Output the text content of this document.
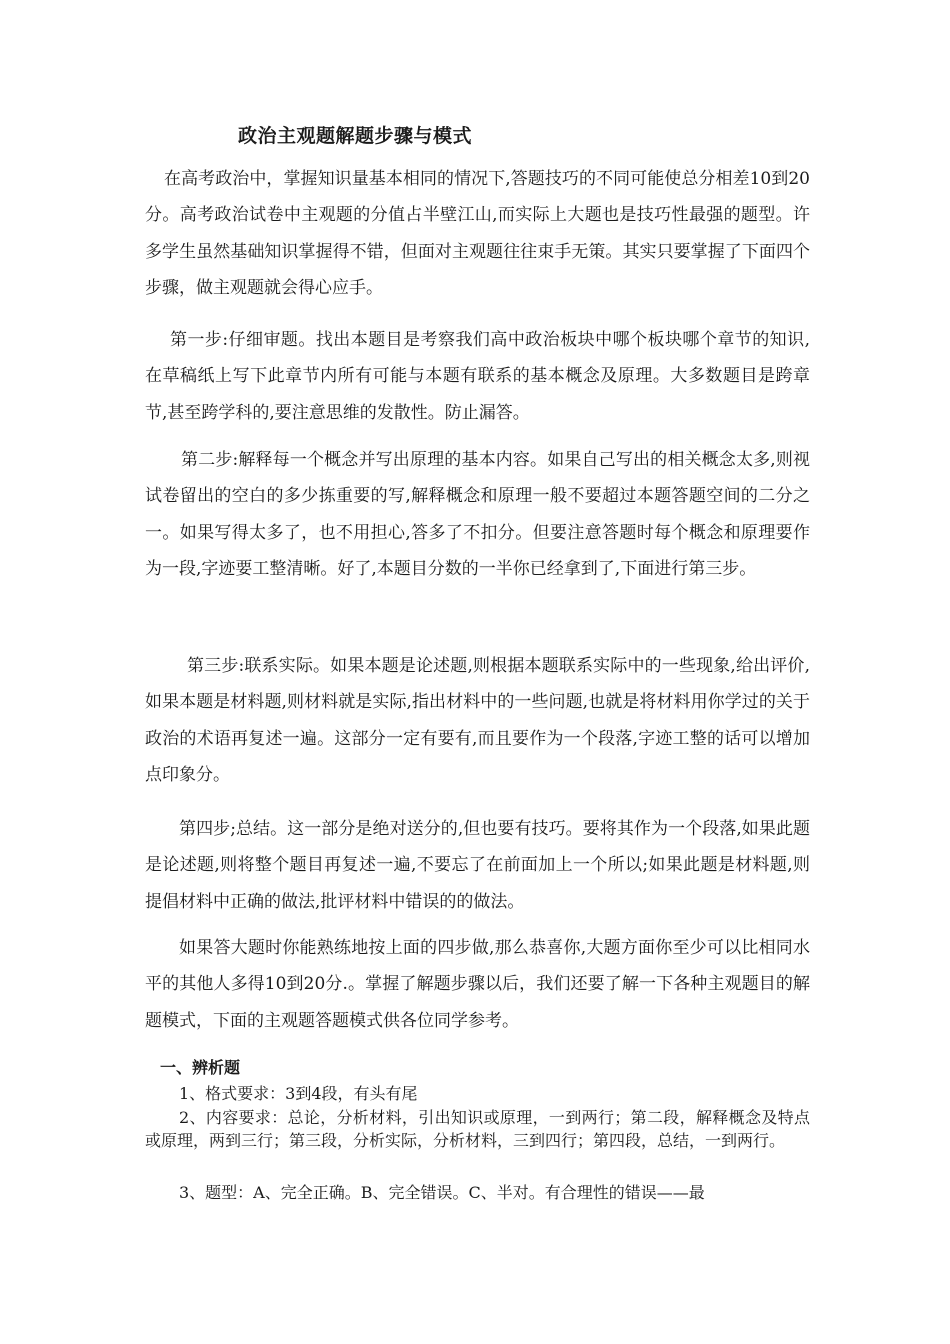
政治主观题解题步骤与模式

在高考政治中，掌握知识量基本相同的情况下,答题技巧的不同可能使总分相差10到20分。高考政治试卷中主观题的分值占半壁江山,而实际上大题也是技巧性最强的题型。许多学生虽然基础知识掌握得不错，但面对主观题往往束手无策。其实只要掌握了下面四个步骤，做主观题就会得心应手。

第一步:仔细审题。找出本题目是考察我们高中政治板块中哪个板块哪个章节的知识,在草稿纸上写下此章节内所有可能与本题有联系的基本概念及原理。大多数题目是跨章节,甚至跨学科的,要注意思维的发散性。防止漏答。

第二步:解释每一个概念并写出原理的基本内容。如果自己写出的相关概念太多,则视试卷留出的空白的多少拣重要的写,解释概念和原理一般不要超过本题答题空间的二分之一。如果写得太多了，也不用担心,答多了不扣分。但要注意答题时每个概念和原理要作为一段,字迹要工整清晰。好了,本题目分数的一半你已经拿到了,下面进行第三步。

第三步:联系实际。如果本题是论述题,则根据本题联系实际中的一些现象,给出评价,如果本题是材料题,则材料就是实际,指出材料中的一些问题,也就是将材料用你学过的关于政治的术语再复述一遍。这部分一定有要有,而且要作为一个段落,字迹工整的话可以增加点印象分。

第四步;总结。这一部分是绝对送分的,但也要有技巧。要将其作为一个段落,如果此题是论述题,则将整个题目再复述一遍,不要忘了在前面加上一个所以;如果此题是材料题,则提倡材料中正确的做法,批评材料中错误的的做法。

如果答大题时你能熟练地按上面的四步做,那么恭喜你,大题方面你至少可以比相同水平的其他人多得10到20分.。掌握了解题步骤以后，我们还要了解一下各种主观题目的解题模式，下面的主观题答题模式供各位同学参考。

一、辨析题

1、格式要求：3到4段，有头有尾

2、内容要求：总论，分析材料，引出知识或原理，一到两行；第二段，解释概念及特点或原理，两到三行；第三段，分析实际，分析材料，三到四行；第四段，总结，一到两行。

3、题型：A、完全正确。B、完全错误。C、半对。有合理性的错误——最
